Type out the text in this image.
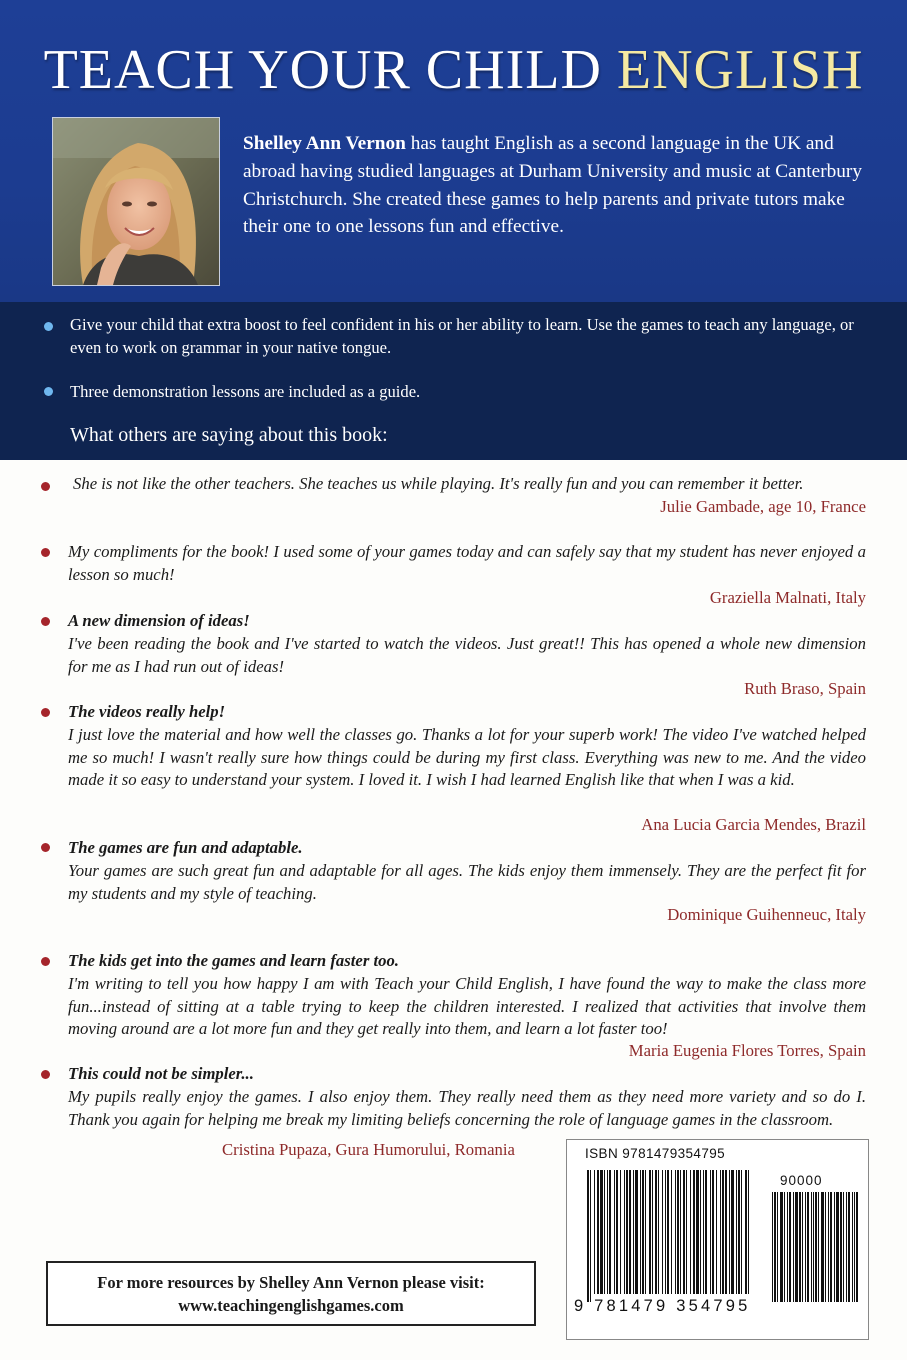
TEACH YOUR CHILD ENGLISH
Shelley Ann Vernon has taught English as a second language in the UK and abroad having studied languages at Durham University and music at Canterbury Christchurch. She created these games to help parents and private tutors make their one to one lessons fun and effective.
Give your child that extra boost to feel confident in his or her ability to learn. Use the games to teach any language, or even to work on grammar in your native tongue.
Three demonstration lessons are included as a guide.
What others are saying about this book:
She is not like the other teachers. She teaches us while playing. It's really fun and you can remember it better.
Julie Gambade, age 10, France
My compliments for the book! I used some of your games today and can safely say that my student has never enjoyed a lesson so much!
Graziella Malnati, Italy
A new dimension of ideas!
I've been reading the book and I've started to watch the videos. Just great!! This has opened a whole new dimension for me as I had run out of ideas!
Ruth Braso, Spain
The videos really help!
I just love the material and how well the classes go. Thanks a lot for your superb work! The video I've watched helped me so much! I wasn't really sure how things could be during my first class. Everything was new to me. And the video made it so easy to understand your system. I loved it. I wish I had learned English like that when I was a kid.
Ana Lucia Garcia Mendes, Brazil
The games are fun and adaptable.
Your games are such great fun and adaptable for all ages. The kids enjoy them immensely. They are the perfect fit for my students and my style of teaching.
Dominique Guihenneuc, Italy
The kids get into the games and learn faster too.
I'm writing to tell you how happy I am with Teach your Child English, I have found the way to make the class more fun...instead of sitting at a table trying to keep the children interested. I realized that activities that involve them moving around are a lot more fun and they get really into them, and learn a lot faster too!
Maria Eugenia Flores Torres, Spain
This could not be simpler...
My pupils really enjoy the games. I also enjoy them. They really need them as they need more variety and so do I. Thank you again for helping me break my limiting beliefs concerning the role of language games in the classroom.
Cristina Pupaza, Gura Humorului, Romania
For more resources by Shelley Ann Vernon please visit:
www.teachingenglishgames.com
ISBN 9781479354795
90000
9 781479 354795
